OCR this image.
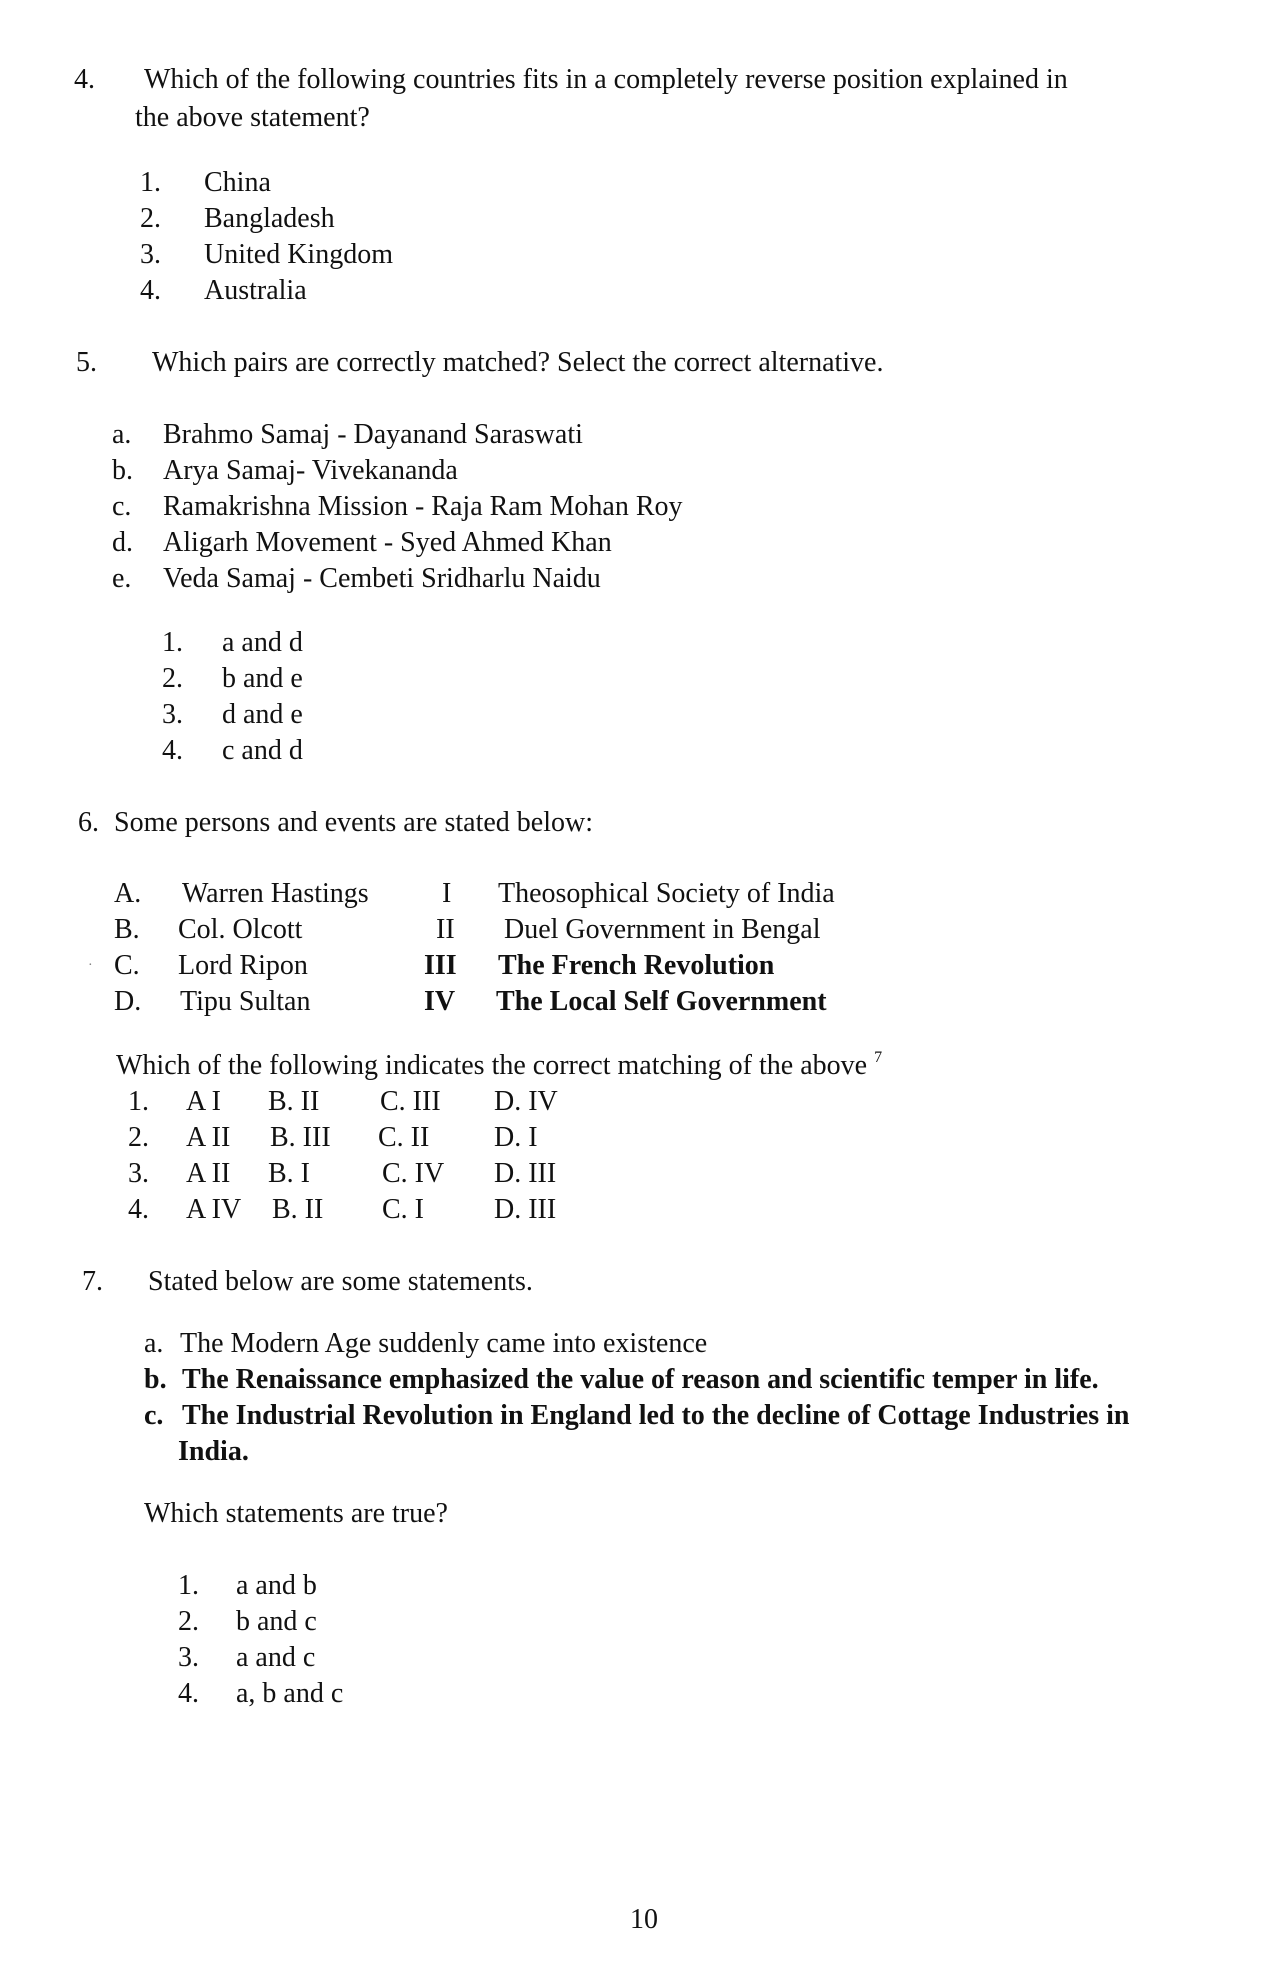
4. Which of the following countries fits in a completely reverse position explained in
the above statement?
1. China
2. Bangladesh
3. United Kingdom
4. Australia
5. Which pairs are correctly matched? Select the correct alternative.
a. Brahmo Samaj - Dayanand Saraswati
b. Arya Samaj- Vivekananda
c. Ramakrishna Mission - Raja Ram Mohan Roy
d. Aligarh Movement - Syed Ahmed Khan
e. Veda Samaj - Cembeti Sridharlu Naidu
1. a and d
2. b and e
3. d and e
4. c and d
6. Some persons and events are stated below:
A. Warren Hastings	I Theosophical Society of India
B. Col. Olcott	II Duel Government in Bengal
· C. Lord Ripon	III The French Revolution
D. Tipu Sultan	IV The Local Self Government
Which of the following indicates the correct matching of the above $^7$
1. A I B. II C. III D. IV
2. A II B. III C. II D. I
3. A II B. I	C. IV D. III
4. A IV B. II C. I	D. III
7. Stated below are some statements.
a. The Modern Age suddenly came into existence
b. The Renaissance emphasized the value of reason and scientific temper in life.
c. The Industrial Revolution in England led to the decline of Cottage Industries in
India.
Which statements are true?
1. a and b
2. b and c
3. a and c
4. a, b and c
10
